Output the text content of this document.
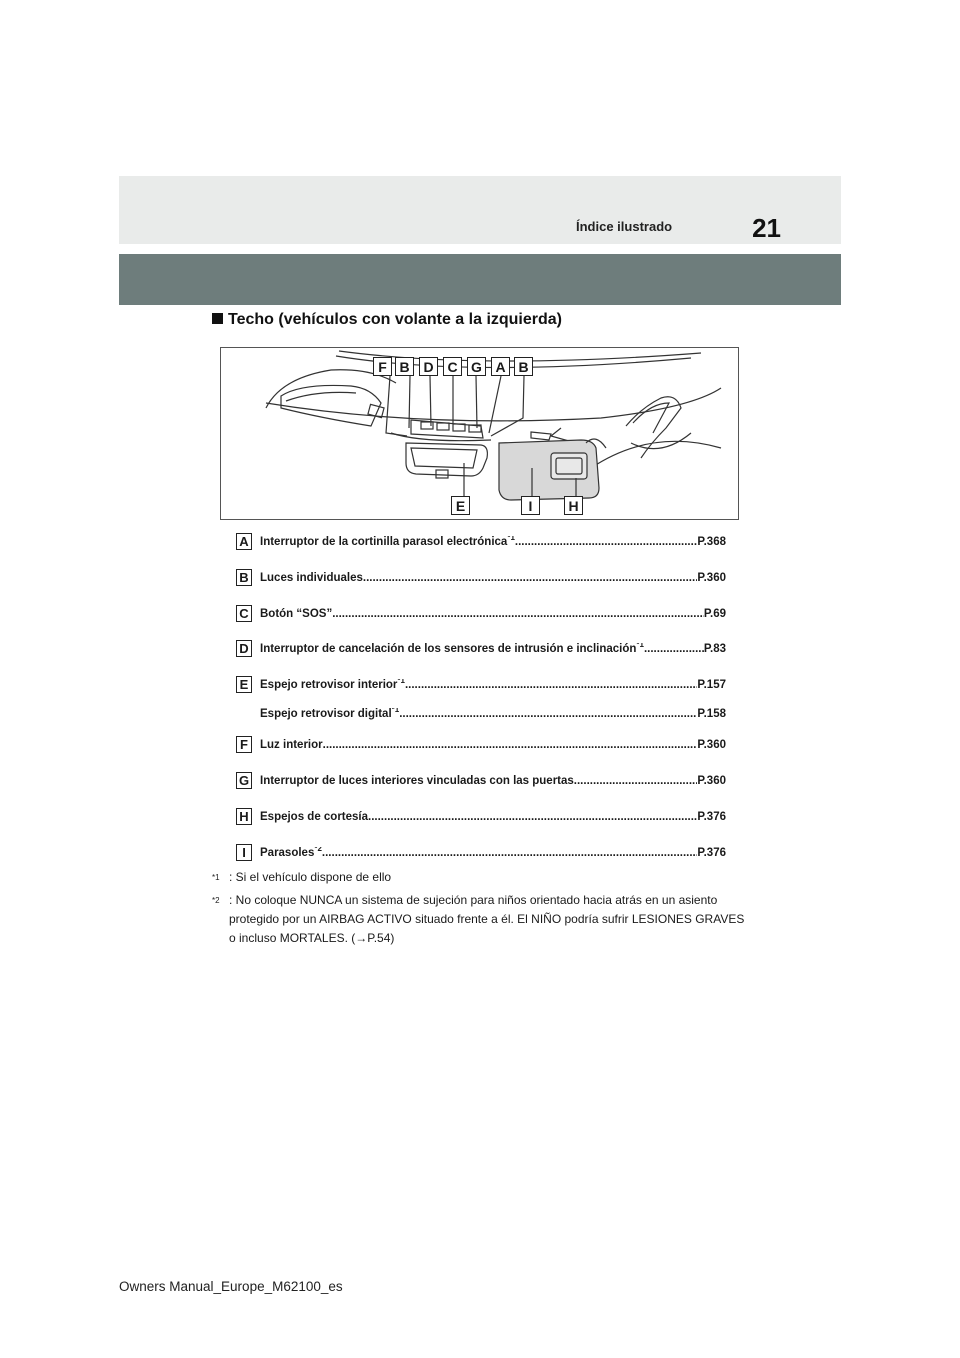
Índice ilustrado	21
Techo (vehículos con volante a la izquierda)
F B D C G A B
E	I	H
A Interruptor de la cortinilla parasol electrónica$^{*1}$ .....	P.368
B Luces individuales .....	P.360
C Botón “SOS” .....	P.69
D Interruptor de cancelación de los sensores de intrusión e inclinación$^{*1}$ .....	P.83
E	Espejo retrovisor interior$^{*1}$ .....	P.157
Espejo retrovisor digital$^{*1}$ .....	P.158
F	Luz interior .....	P.360
G Interruptor de luces interiores vinculadas con las puertas .....	P.360
H Espejos de cortesía .....	P.376
I	Parasoles$^{*2}$ .....	P.376
$^{*1}$ : Si el vehículo dispone de ello
$^{*2}$ : No coloque NUNCA un sistema de sujeción para niños orientado hacia atrás en un asiento protegido por un AIRBAG ACTIVO situado frente a él. El NIÑO podría sufrir LESIONES GRAVES o incluso MORTALES. (→P.54)
Owners Manual_Europe_M62100_es
